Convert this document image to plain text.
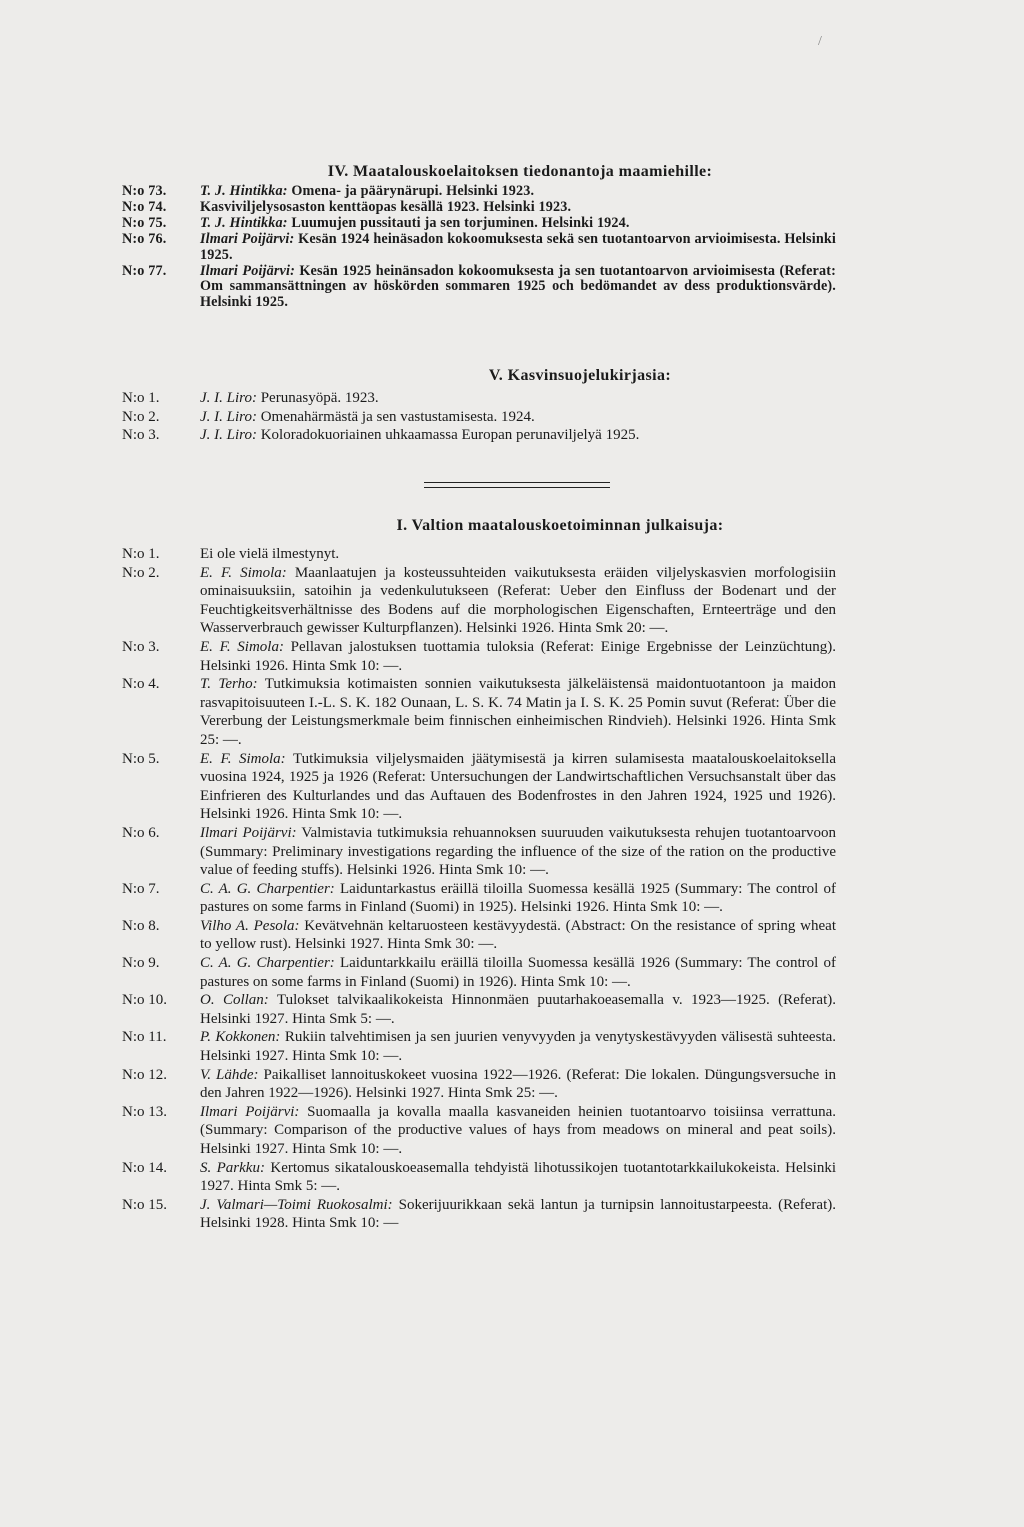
/
IV. Maatalouskoelaitoksen tiedonantoja maamiehille:
N:o 73.	T. J. Hintikka: Omena- ja päärynärupi. Helsinki 1923.
N:o 74.	Kasviviljelysosaston kenttäopas kesällä 1923. Helsinki 1923.
N:o 75.	T. J. Hintikka: Luumujen pussitauti ja sen torjuminen. Helsinki 1924.
N:o 76.	Ilmari Poijärvi: Kesän 1924 heinäsadon kokoomuksesta sekä sen tuotantoarvon arvioimisesta. Helsinki 1925.
N:o 77.	Ilmari Poijärvi: Kesän 1925 heinänsadon kokoomuksesta ja sen tuotantoarvon arvioimisesta (Referat: Om sammansättningen av höskörden sommaren 1925 och bedömandet av dess produktionsvärde). Helsinki 1925.
V. Kasvinsuojelukirjasia:
N:o 1.	J. I. Liro: Perunasyöpä. 1923.
N:o 2.	J. I. Liro: Omenahärmästä ja sen vastustamisesta. 1924.
N:o 3.	J. I. Liro: Koloradokuoriainen uhkaamassa Europan perunaviljelyä 1925.
I. Valtion maatalouskoetoiminnan julkaisuja:
N:o 1.	Ei ole vielä ilmestynyt.
N:o 2.	E. F. Simola: Maanlaatujen ja kosteussuhteiden vaikutuksesta eräiden viljelyskasvien morfologisiin ominaisuuksiin, satoihin ja vedenkulutukseen (Referat: Ueber den Einfluss der Bodenart und der Feuchtigkeitsverhältnisse des Bodens auf die morphologischen Eigenschaften, Ernteerträge und den Wasserverbrauch gewisser Kulturpflanzen). Helsinki 1926. Hinta Smk 20: —.
N:o 3.	E. F. Simola: Pellavan jalostuksen tuottamia tuloksia (Referat: Einige Ergebnisse der Leinzüchtung). Helsinki 1926. Hinta Smk 10: —.
N:o 4.	T. Terho: Tutkimuksia kotimaisten sonnien vaikutuksesta jälkeläistensä maidontuotantoon ja maidon rasvapitoisuuteen I.-L. S. K. 182 Ounaan, L. S. K. 74 Matin ja I. S. K. 25 Pomin suvut (Referat: Über die Vererbung der Leistungsmerkmale beim finnischen einheimischen Rindvieh). Helsinki 1926. Hinta Smk 25: —.
N:o 5.	E. F. Simola: Tutkimuksia viljelysmaiden jäätymisestä ja kirren sulamisesta maatalouskoelaitoksella vuosina 1924, 1925 ja 1926 (Referat: Untersuchungen der Landwirtschaftlichen Versuchsanstalt über das Einfrieren des Kulturlandes und das Auftauen des Bodenfrostes in den Jahren 1924, 1925 und 1926). Helsinki 1926. Hinta Smk 10: —.
N:o 6.	Ilmari Poijärvi: Valmistavia tutkimuksia rehuannoksen suuruuden vaikutuksesta rehujen tuotantoarvoon (Summary: Preliminary investigations regarding the influence of the size of the ration on the productive value of feeding stuffs). Helsinki 1926. Hinta Smk 10: —.
N:o 7.	C. A. G. Charpentier: Laiduntarkastus eräillä tiloilla Suomessa kesällä 1925 (Summary: The control of pastures on some farms in Finland (Suomi) in 1925). Helsinki 1926. Hinta Smk 10: —.
N:o 8.	Vilho A. Pesola: Kevätvehnän keltaruosteen kestävyydestä. (Abstract: On the resistance of spring wheat to yellow rust). Helsinki 1927. Hinta Smk 30: —.
N:o 9.	C. A. G. Charpentier: Laiduntarkkailu eräillä tiloilla Suomessa kesällä 1926 (Summary: The control of pastures on some farms in Finland (Suomi) in 1926). Hinta Smk 10: —.
N:o 10.	O. Collan: Tulokset talvikaalikokeista Hinnonmäen puutarhakoeasemalla v. 1923—1925. (Referat). Helsinki 1927. Hinta Smk 5: —.
N:o 11.	P. Kokkonen: Rukiin talvehtimisen ja sen juurien venyvyyden ja venytyskestävyyden välisestä suhteesta. Helsinki 1927. Hinta Smk 10: —.
N:o 12.	V. Lähde: Paikalliset lannoituskokeet vuosina 1922—1926. (Referat: Die lokalen. Düngungsversuche in den Jahren 1922—1926). Helsinki 1927. Hinta Smk 25: —.
N:o 13.	Ilmari Poijärvi: Suomaalla ja kovalla maalla kasvaneiden heinien tuotantoarvo toisiinsa verrattuna. (Summary: Comparison of the productive values of hays from meadows on mineral and peat soils). Helsinki 1927. Hinta Smk 10: —.
N:o 14.	S. Parkku: Kertomus sikatalouskoeasemalla tehdyistä lihotussikojen tuotantotarkkailukokeista. Helsinki 1927. Hinta Smk 5: —.
N:o 15.	J. Valmari—Toimi Ruokosalmi: Sokerijuurikkaan sekä lantun ja turnipsin lannoitustarpeesta. (Referat). Helsinki 1928. Hinta Smk 10: —
